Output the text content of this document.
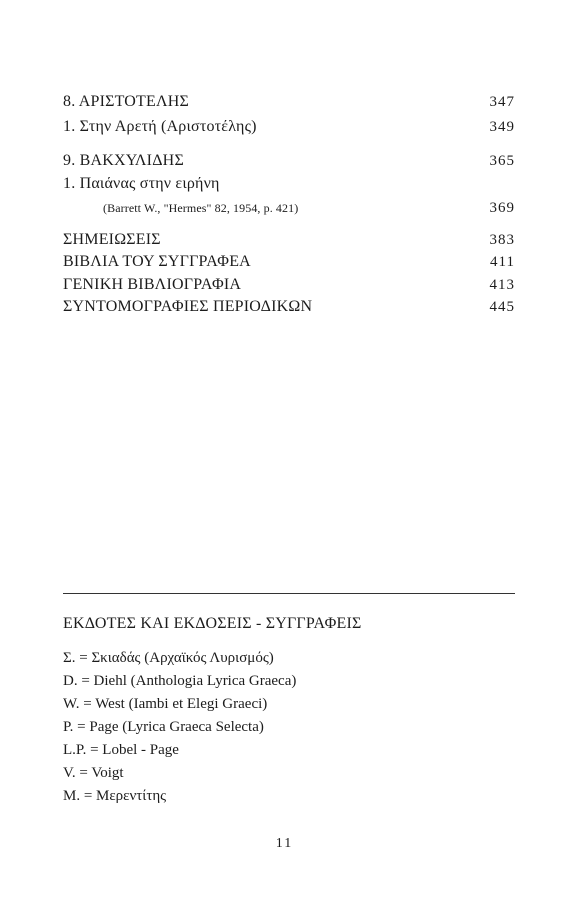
8. ΑΡΙΣΤΟΤΕΛΗΣ	347
1. Στην Αρετή (Αριστοτέλης)	349
9. ΒΑΚΧΥΛΙΔΗΣ	365
1. Παιάνας στην ειρήνη
(Barrett W., "Hermes" 82, 1954, p. 421)	369
ΣΗΜΕΙΩΣΕΙΣ	383
ΒΙΒΛΙΑ ΤΟΥ ΣΥΓΓΡΑΦΕΑ	411
ΓΕΝΙΚΗ ΒΙΒΛΙΟΓΡΑΦΙΑ	413
ΣΥΝΤΟΜΟΓΡΑΦΙΕΣ ΠΕΡΙΟΔΙΚΩΝ	445
ΕΚΔΟΤΕΣ ΚΑΙ ΕΚΔΟΣΕΙΣ - ΣΥΓΓΡΑΦΕΙΣ
Σ. = Σκιαδάς (Αρχαϊκός Λυρισμός)
D. = Diehl (Anthologia Lyrica Graeca)
W. = West (Iambi et Elegi Graeci)
P. = Page (Lyrica Graeca Selecta)
L.P. = Lobel - Page
V. = Voigt
M. = Μερεντίτης
11
